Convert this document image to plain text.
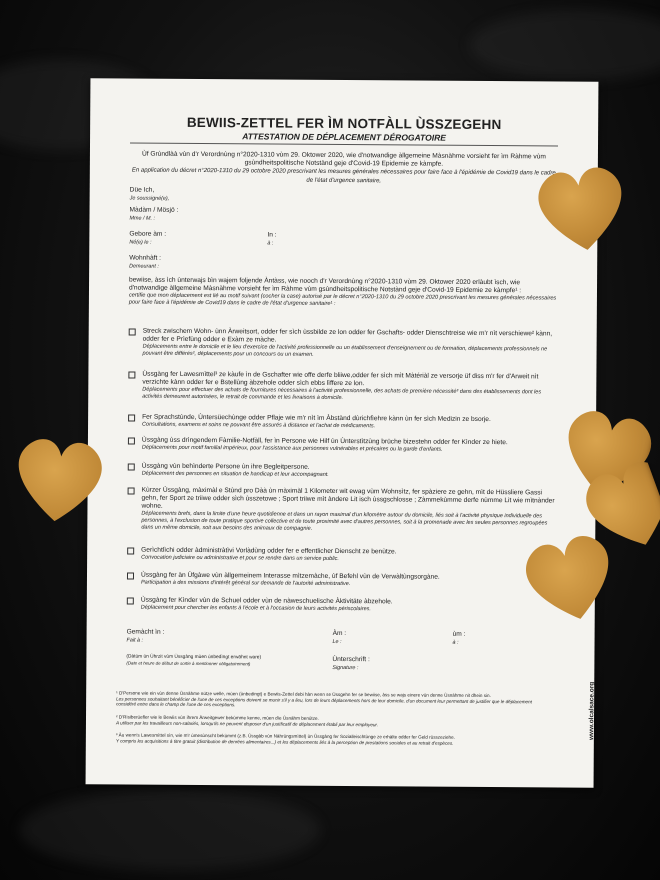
BEWIIS-ZETTEL FER ÌM NOTFÀLL ÙSSZEGEHN
ATTESTATION DE DÉPLACEMENT DÉROGATOIRE
Ùf Grùndlàà vùn d'r Verordnùng n°2020-1310 vùm 29. Oktower 2020, wie d'notwandige àllgemeine Màsnàhme vorsieht fer ìm Ràhme vùm gsùndheitspolitische Notstànd geje d'Covid-19 Epidemie ze kàmpfe.
En application du décret n°2020-1310 du 29 octobre 2020 prescrivant les mesures générales nécessaires pour faire face à l'épidémie de Covid19 dans le cadre de l'état d'urgence sanitaire,
Düe Ich,
Je soussigné(e),
Màdàm / Mösjö :
Mme / M. :
Gebore àm :
Né(e) le :
In :
à :
Wohnhàft :
Demeurant :
bewiise, àss ìch ùnterwajs bìn wajem foljende Àntàss, wie nooch d'r Verordnùng n°2020-1310 vùm 29. Oktower 2020 erlàubt ìsch, wie d'notwandige àllgemeine Màsnàhme vorsieht fer ìm Ràhme vùm gsùndheitspolitische Notstànd geje d'Covid-19 Epidemie ze kàmpfe¹ :
certifie que mon déplacement est lié au motif suivant (cocher la case) autorisé par le décret n°2020-1310 du 29 octobre 2020 prescrivant les mesures générales nécessaires pour faire face à l'épidémie de Covid19 dans le cadre de l'état d'urgence sanitaire¹ :
Streck zwischem Wohn- ùnn Àrweitsort, odder fer sìch ùssbilde ze lon odder fer Gschafts- odder Dienschtreise wie m'r nìt verschiewe² kànn, odder fer e Prìefùng odder e Exàm ze màche.
Déplacements entre le domicile et le lieu d'exercice de l'activité professionnelle ou un établissement d'enseignement ou de formation, déplacements professionnels ne pouvant être différés², déplacements pour un concours ou un examen.
Ùssgàng fer Lawesmìttel³ ze kàufe ìn de Gschafter wie offe derfe bliiwe,odder fer sìch mìt Màtériàl ze versorje üf diss m'r fer d'Arweit nìt verzichte kànn odder fer e Bstellùng àbzehole odder sìch ebbs lìffere ze lon.
Déplacements pour effectuer des achats de fournitures nécessaires à l'activité professionnelle, des achats de première nécessité³ dans des établissements dont les activités demeurent autorisées, le retrait de commande et les livraisons à domicile.
Fer Sprachstùnde, Ùntersüechùnge odder Pflaje wie m'r nìt ìm Àbstànd dùrichfìehre kànn ùn fer sìch Medizin ze bsorje.
Consultations, examens et soins ne pouvant être assurés à distance et l'achat de médicaments.
Ùssgàng ùss drìngendem Fàmilie-Notfàll, fer ìn Persone wie Hilf ùn Ùnterstìtzùng brüche bizestehn odder fer Kìnder ze hiete.
Déplacements pour motif familial impérieux, pour l'assistance aux personnes vulnérables et précaires ou la garde d'enfants.
Ùssgàng vùn behìnderte Persone ùn ihre Begleitpersone.
Déplacement des personnes en situation de handicap et leur accompagnant.
Kùrzer Ùssgàng, màximàl e Stùnd pro Dàà ùn màximàl 1 Kilometer wit ewag vùm Wohnsìtz, fer spàziere ze gehn, mìt de Hüssliere Gassi gehn, fer Sport ze triiwe odder sìch ùsszetowe ; Sport triiwe mìt àndere Lit isch ùssgschlosse ; Zàmmekùmme derfe nùmme Lit wie mìtnànder wohne.
Déplacements brefs, dans la limite d'une heure quotidienne et dans un rayon maximal d'un kilomètre autour du domicile, liés soit à l'activité physique individuelle des personnes, à l'exclusion de toute pratique sportive collective et de toute proximité avec d'autres personnes, soit à la promenade avec les seules personnes regroupées dans un même domicile, soit aux besoins des animaux de compagnie.
Gerìchtlìchi odder àdministràtìvi Vorlàdùng odder fer e effentlicher Dienscht ze benùtze.
Convocation judiciaire ou administrative et pour se rendre dans un service public.
Ùssgàng fer àn Ùfgàwe vùn àllgemeinem Interasse mìtzemàche, ùf Befehl vùn de Verwàltùngsorgàne.
Participation à des missions d'intérêt général sur demande de l'autorité administrative.
Ùssgàng fer Kìnder vùn de Schuel odder vùn de nàweschuelische Àktivitäte àbzehole.
Déplacement pour chercher les enfants à l'école et à l'occasion de leurs activités périscolaires.
Gemàcht ìn :
Fait à :
Àm :
Le :
ùm :
à :
(Dàtùm ùn Ùhrzit vùm Ùssgàng mùen ùnbedìngt erwähnt ware)
(Date et heure de début de sortie à mentionner obligatoirement)
Ùnterschrift :
Signature :
¹ D'Persone wie ein vùn denne Ùsnàhme nütze welle, mùen (ùnbedingt) e Bewiis-Zettel debi hàn wenn se Ùssgehn fer se bewiise, àss se wajs einere vùn denne Ùsnàhme nit dhein sin.
Les personnes souhaitant bénéficier de l'une de ces exceptions doivent se munir s'il y a lieu, lors de leurs déplacements hors de leur domicile, d'un document leur permettant de justifier que le déplacement considéré entre dans le champ de l'une de ces exceptions.
² D'Rìsiberüefler wie le Bewiis vùn ihrem Àrweitgewer bekùmme kenne, mùen dìe Ùsnàhm benùtze.
A utiliser par les travailleurs non-salariés, lorsqu'ils ne peuvent disposer d'un justificatif de déplacement établi par leur employeur.
³ Àu wenn's Lawesmìttel sìn, wie m'r ùmesùnscht bekùmmt (z.B. Ùssgàb vùn Nàhrùngsmìttel) ùn Ùssgàng fer Sozialleischtùnge ze erhàlte odder fer Geld rùsszeziehe.
Y compris les acquisitions à titre gratuit (distribution de denrées alimentaires...) et les déplacements liés à la perception de prestations sociales et au retrait d'espèces.
www.olcalsace.org
